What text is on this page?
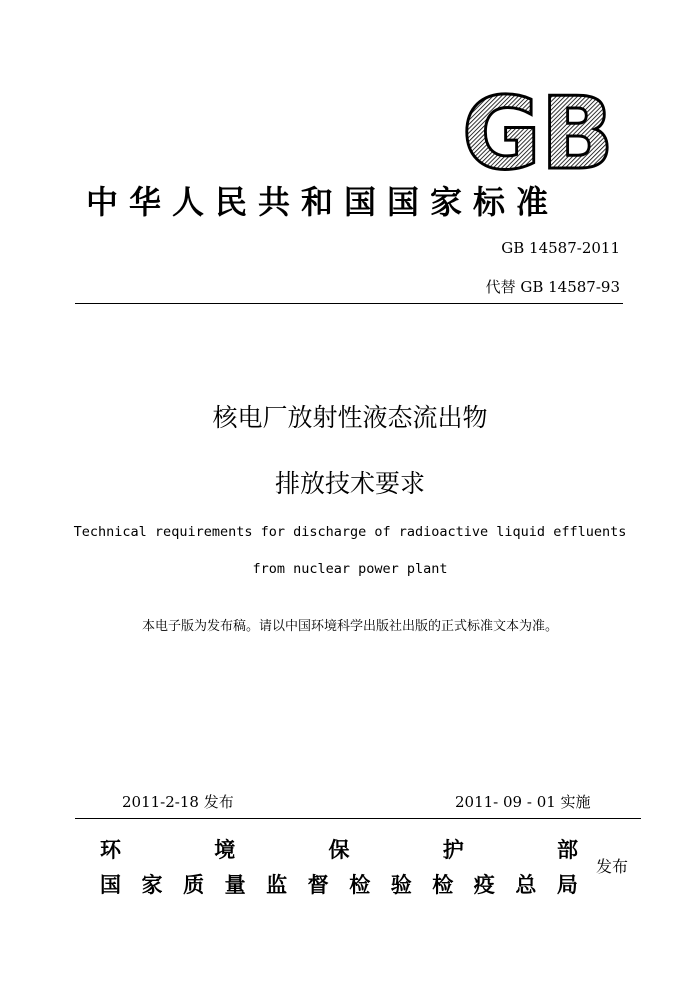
GB
中华人民共和国国家标准
GB 14587-2011
代替 GB 14587-93
核电厂放射性液态流出物
排放技术要求
Technical requirements for discharge of radioactive liquid effluents
from nuclear power plant
本电子版为发布稿。请以中国环境科学出版社出版的正式标准文本为准。
2011-2-18 发布	2011- 09 - 01 实施
环	境	保	护	部
国 家 质 量 监 督 检 验 检 疫 总 局
发布
